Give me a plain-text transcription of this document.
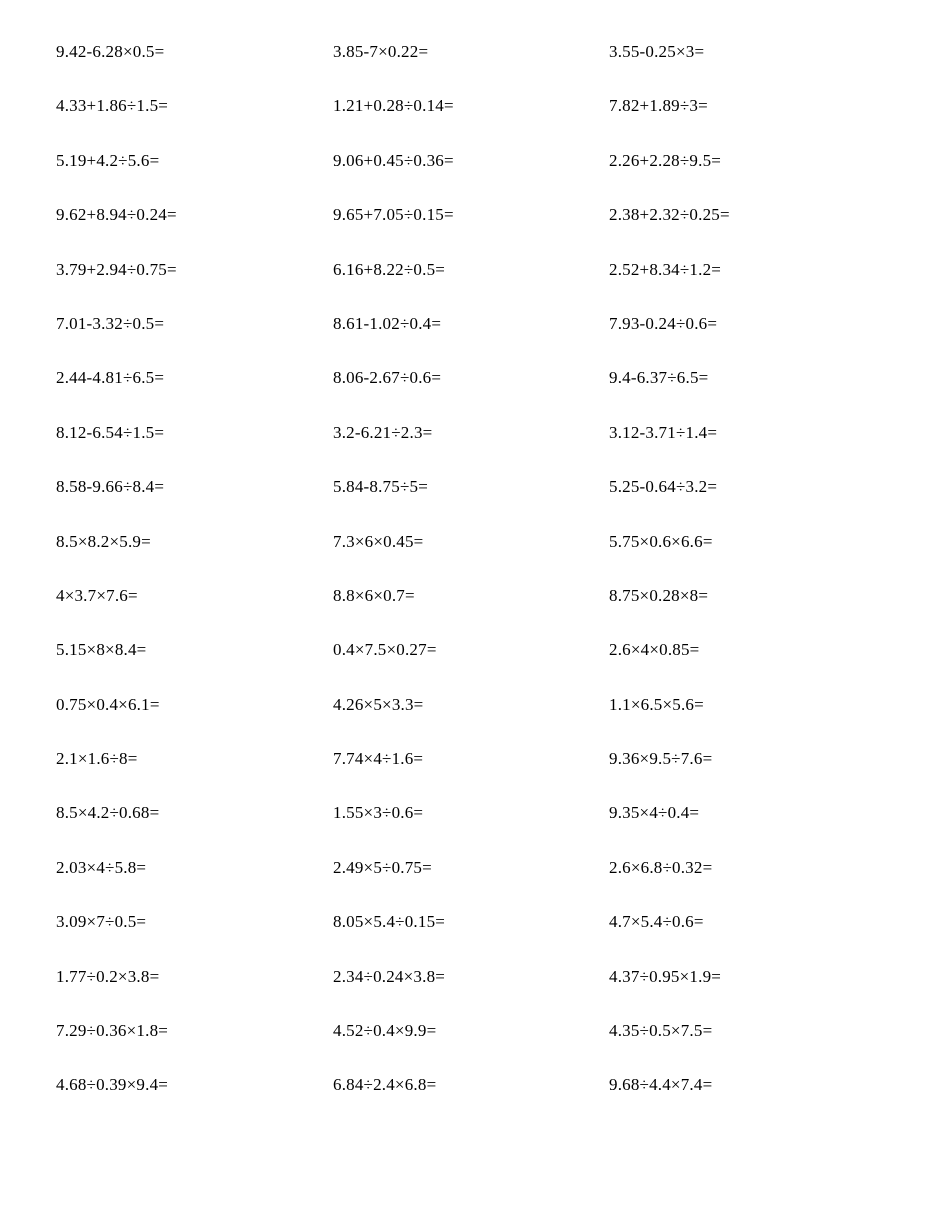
9.42-6.28×0.5=	3.85-7×0.22=	3.55-0.25×3=
4.33+1.86÷1.5=	1.21+0.28÷0.14=	7.82+1.89÷3=
5.19+4.2÷5.6=	9.06+0.45÷0.36=	2.26+2.28÷9.5=
9.62+8.94÷0.24=	9.65+7.05÷0.15=	2.38+2.32÷0.25=
3.79+2.94÷0.75=	6.16+8.22÷0.5=	2.52+8.34÷1.2=
7.01-3.32÷0.5=	8.61-1.02÷0.4=	7.93-0.24÷0.6=
2.44-4.81÷6.5=	8.06-2.67÷0.6=	9.4-6.37÷6.5=
8.12-6.54÷1.5=	3.2-6.21÷2.3=	3.12-3.71÷1.4=
8.58-9.66÷8.4=	5.84-8.75÷5=	5.25-0.64÷3.2=
8.5×8.2×5.9=	7.3×6×0.45=	5.75×0.6×6.6=
4×3.7×7.6=	8.8×6×0.7=	8.75×0.28×8=
5.15×8×8.4=	0.4×7.5×0.27=	2.6×4×0.85=
0.75×0.4×6.1=	4.26×5×3.3=	1.1×6.5×5.6=
2.1×1.6÷8=	7.74×4÷1.6=	9.36×9.5÷7.6=
8.5×4.2÷0.68=	1.55×3÷0.6=	9.35×4÷0.4=
2.03×4÷5.8=	2.49×5÷0.75=	2.6×6.8÷0.32=
3.09×7÷0.5=	8.05×5.4÷0.15=	4.7×5.4÷0.6=
1.77÷0.2×3.8=	2.34÷0.24×3.8=	4.37÷0.95×1.9=
7.29÷0.36×1.8=	4.52÷0.4×9.9=	4.35÷0.5×7.5=
4.68÷0.39×9.4=	6.84÷2.4×6.8=	9.68÷4.4×7.4=
